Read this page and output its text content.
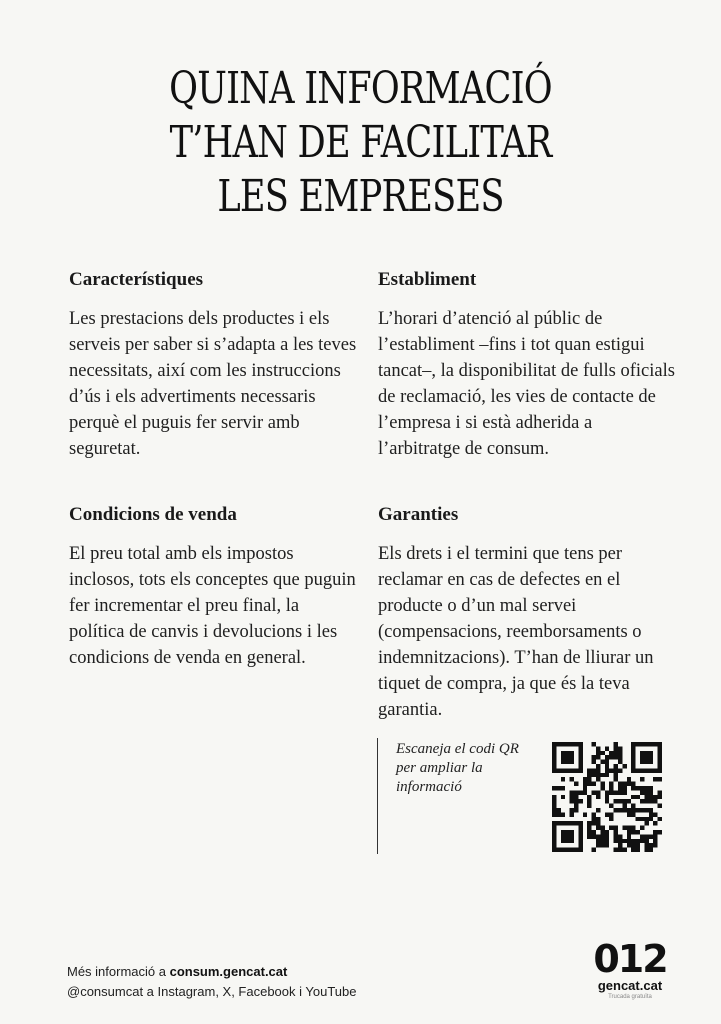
QUINA INFORMACIÓ
T’HAN DE FACILITAR
LES EMPRESES
Característiques

Les prestacions dels productes i els serveis per saber si s’adapta a les teves necessitats, així com les instruccions d’ús i els advertiments necessaris perquè el puguis fer servir amb seguretat.

Establiment

L’horari d’atenció al públic de l’establiment –fins i tot quan estigui tancat–, la disponibilitat de fulls oficials de reclamació, les vies de contacte de l’empresa i si està adherida a l’arbitratge de consum.

Condicions de venda

El preu total amb els impostos inclosos, tots els conceptes que puguin fer incrementar el preu final, la política de canvis i devolucions i les condicions de venda en general.

Garanties

Els drets i el termini que tens per reclamar en cas de defectes en el producte o d’un mal servei (compensacions, reemborsaments o indemnitzacions). T’han de lliurar un tiquet de compra, ja que és la teva garantia.

Escaneja el codi QR per ampliar la informació
Més informació a consum.gencat.cat
@consumcat a Instagram, X, Facebook i YouTube
012
gencat.cat
Trucada gratuïta
